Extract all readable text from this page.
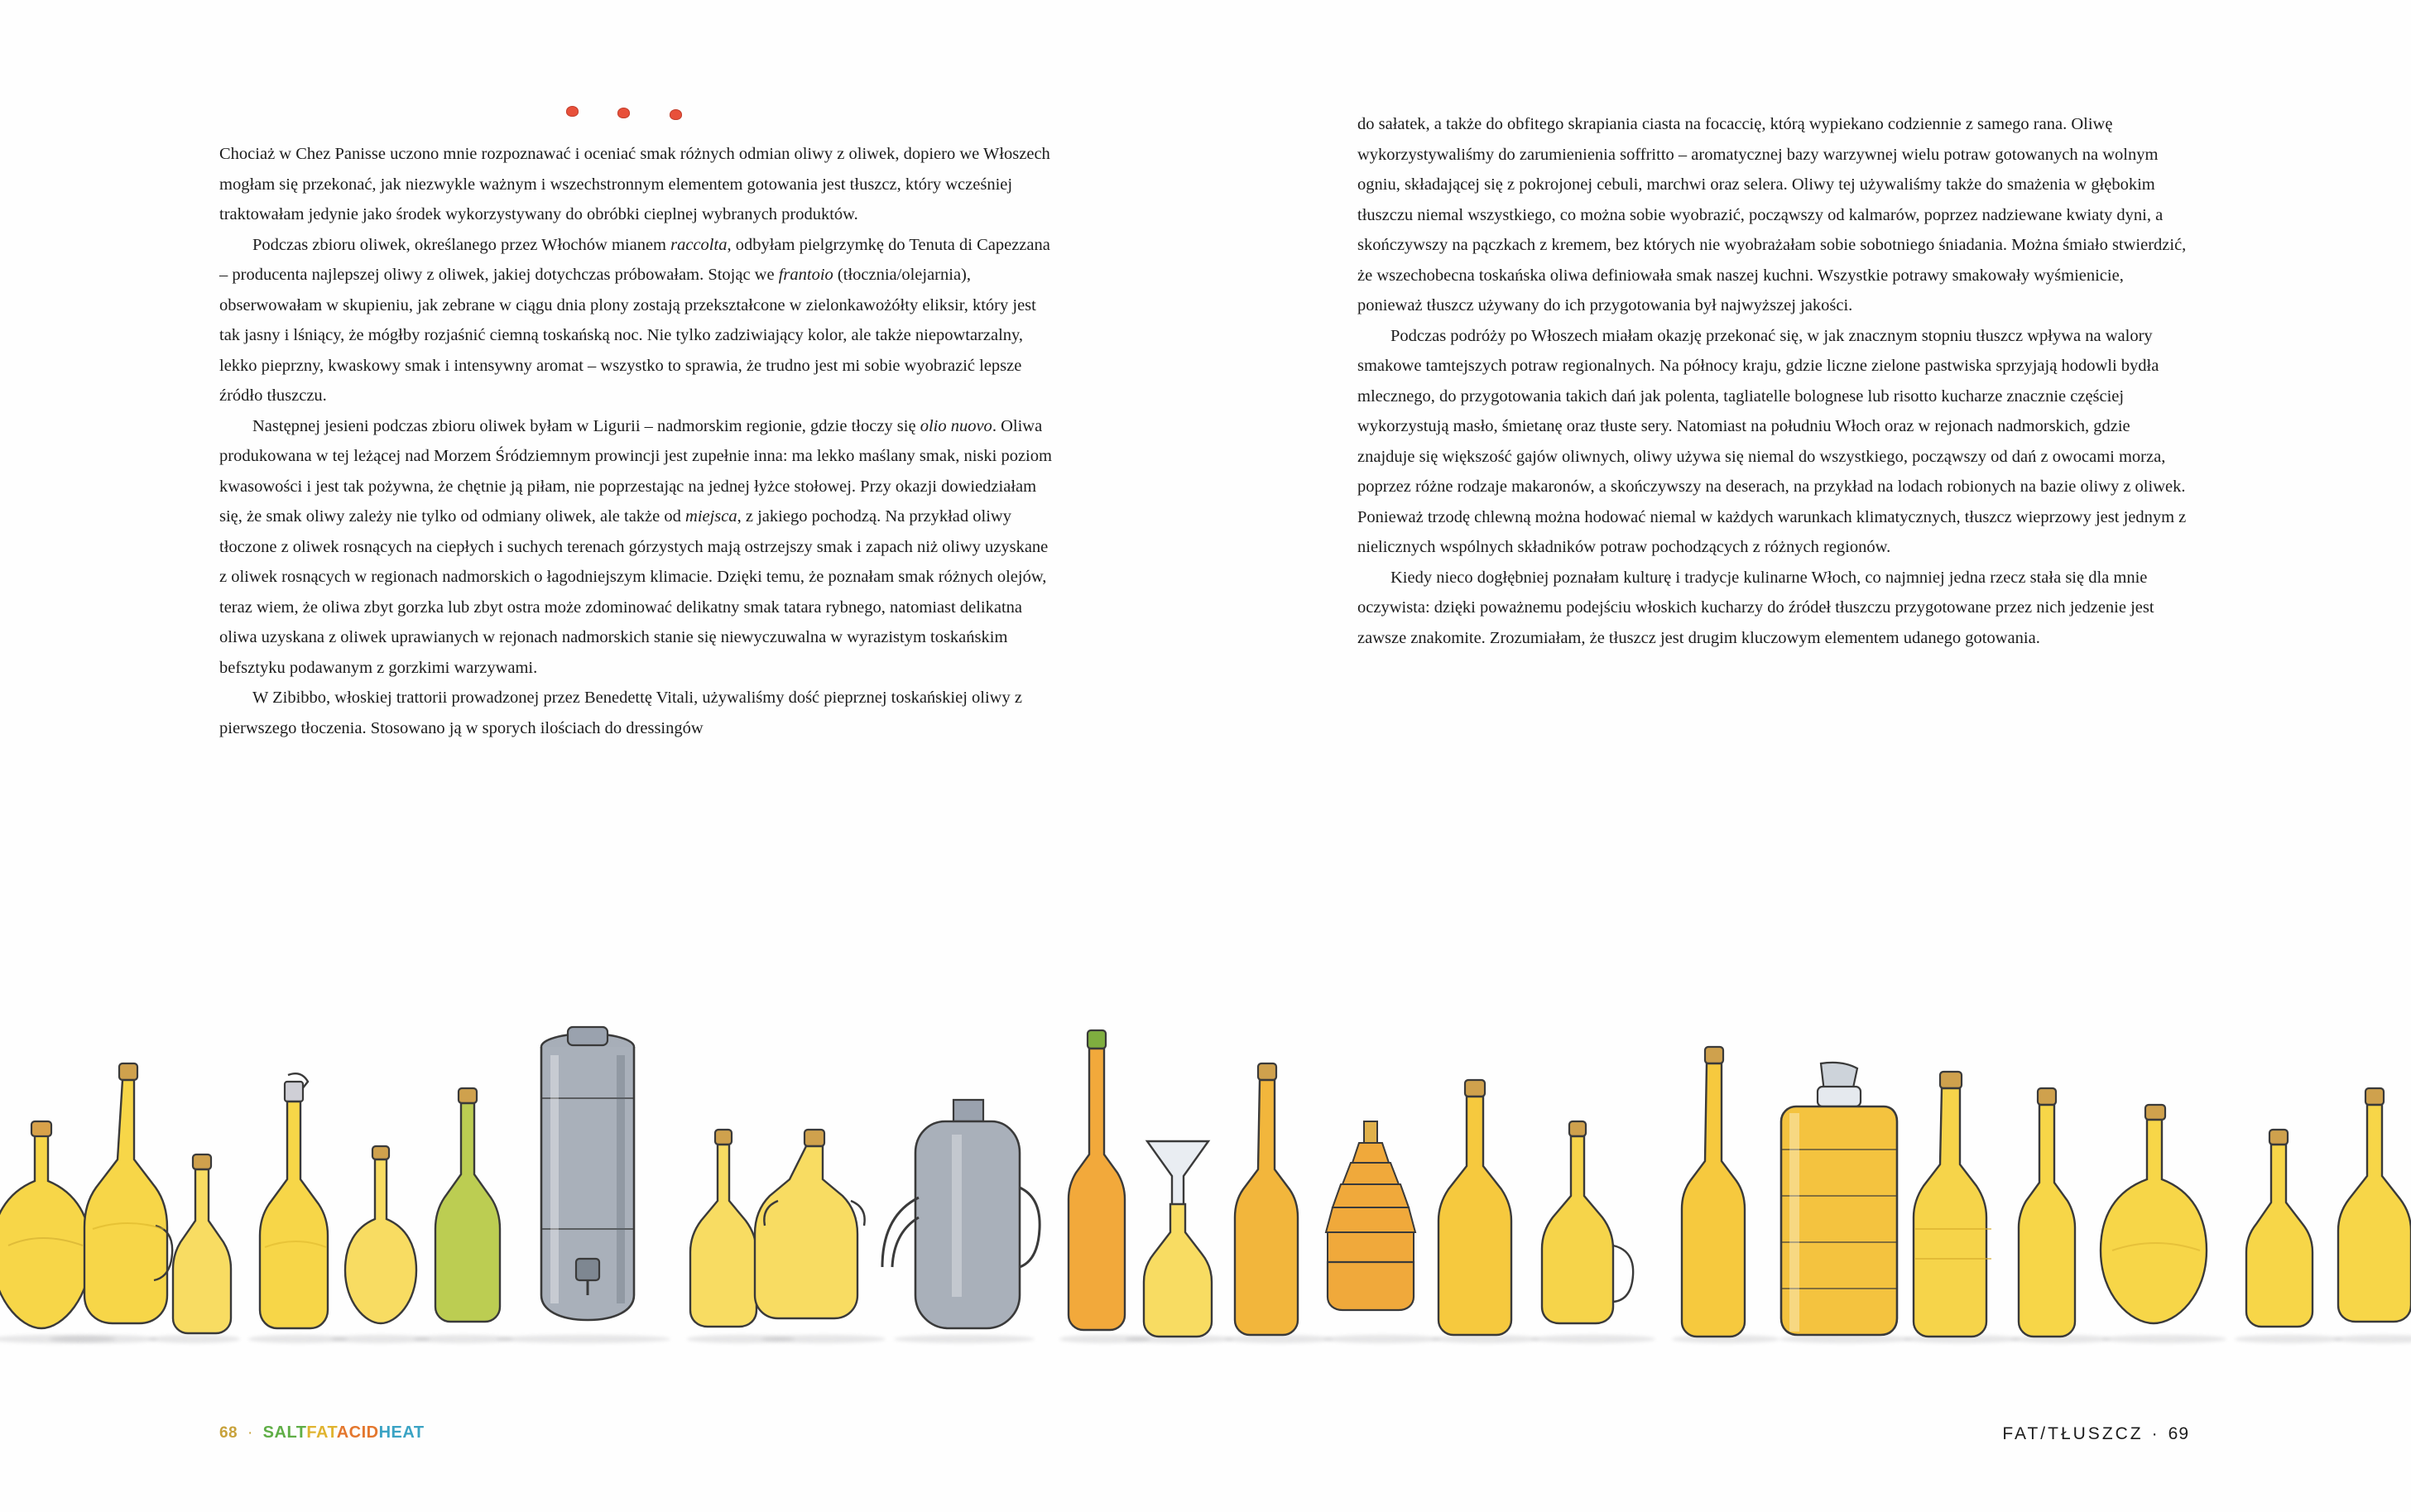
Chociaż w Chez Panisse uczono mnie rozpoznawać i oceniać smak różnych odmian oliwy z oliwek, dopiero we Włoszech mogłam się przekonać, jak niezwykle ważnym i wszechstronnym elementem gotowania jest tłuszcz, który wcześniej traktowałam jedynie jako środek wykorzystywany do obróbki cieplnej wybranych produktów.

Podczas zbioru oliwek, określanego przez Włochów mianem raccolta, odbyłam pielgrzymkę do Tenuta di Capezzana – producenta najlepszej oliwy z oliwek, jakiej dotychczas próbowałam. Stojąc we frantoio (tłocznia/olejarnia), obserwowałam w skupieniu, jak zebrane w ciągu dnia plony zostają przekształcone w zielonkawożółty eliksir, który jest tak jasny i lśniący, że mógłby rozjaśnić ciemną toskańską noc. Nie tylko zadziwiający kolor, ale także niepowtarzalny, lekko pieprzny, kwaskowy smak i intensywny aromat – wszystko to sprawia, że trudno jest mi sobie wyobrazić lepsze źródło tłuszczu.

Następnej jesieni podczas zbioru oliwek byłam w Ligurii – nadmorskim regionie, gdzie tłoczy się olio nuovo. Oliwa produkowana w tej leżącej nad Morzem Śródziemnym prowincji jest zupełnie inna: ma lekko maślany smak, niski poziom kwasowości i jest tak pożywna, że chętnie ją piłam, nie poprzestając na jednej łyżce stołowej. Przy okazji dowiedziałam się, że smak oliwy zależy nie tylko od odmiany oliwek, ale także od miejsca, z jakiego pochodzą. Na przykład oliwy tłoczone z oliwek rosnących na ciepłych i suchych terenach górzystych mają ostrzejszy smak i zapach niż oliwy uzyskane z oliwek rosnących w regionach nadmorskich o łagodniejszym klimacie. Dzięki temu, że poznałam smak różnych olejów, teraz wiem, że oliwa zbyt gorzka lub zbyt ostra może zdominować delikatny smak tatara rybnego, natomiast delikatna oliwa uzyskana z oliwek uprawianych w rejonach nadmorskich stanie się niewyczuwalna w wyrazistym toskańskim befsztyku podawanym z gorzkimi warzywami.

W Zibibbo, włoskiej trattorii prowadzonej przez Benedettę Vitali, używaliśmy dość pieprznej toskańskiej oliwy z pierwszego tłoczenia. Stosowano ją w sporych ilościach do dressingów

do sałatek, a także do obfitego skrapiania ciasta na focaccię, którą wypiekano codziennie z samego rana. Oliwę wykorzystywaliśmy do zarumienienia soffritto – aromatycznej bazy warzywnej wielu potraw gotowanych na wolnym ogniu, składającej się z pokrojonej cebuli, marchwi oraz selera. Oliwy tej używaliśmy także do smażenia w głębokim tłuszczu niemal wszystkiego, co można sobie wyobrazić, począwszy od kalmarów, poprzez nadziewane kwiaty dyni, a skończywszy na pączkach z kremem, bez których nie wyobrażałam sobie sobotniego śniadania. Można śmiało stwierdzić, że wszechobecna toskańska oliwa definiowała smak naszej kuchni. Wszystkie potrawy smakowały wyśmienicie, ponieważ tłuszcz używany do ich przygotowania był najwyższej jakości.

Podczas podróży po Włoszech miałam okazję przekonać się, w jak znacznym stopniu tłuszcz wpływa na walory smakowe tamtejszych potraw regionalnych. Na północy kraju, gdzie liczne zielone pastwiska sprzyjają hodowli bydła mlecznego, do przygotowania takich dań jak polenta, tagliatelle bolognese lub risotto kucharze znacznie częściej wykorzystują masło, śmietanę oraz tłuste sery. Natomiast na południu Włoch oraz w rejonach nadmorskich, gdzie znajduje się większość gajów oliwnych, oliwy używa się niemal do wszystkiego, począwszy od dań z owocami morza, poprzez różne rodzaje makaronów, a skończywszy na deserach, na przykład na lodach robionych na bazie oliwy z oliwek. Ponieważ trzodę chlewną można hodować niemal w każdych warunkach klimatycznych, tłuszcz wieprzowy jest jednym z nielicznych wspólnych składników potraw pochodzących z różnych regionów.

Kiedy nieco dogłębniej poznałam kulturę i tradycje kulinarne Włoch, co najmniej jedna rzecz stała się dla mnie oczywista: dzięki poważnemu podejściu włoskich kucharzy do źródeł tłuszczu przygotowane przez nich jedzenie jest zawsze znakomite. Zrozumiałam, że tłuszcz jest drugim kluczowym elementem udanego gotowania.

68 · SALTFATACIDHEAT	FAT/TŁUSZCZ · 69
